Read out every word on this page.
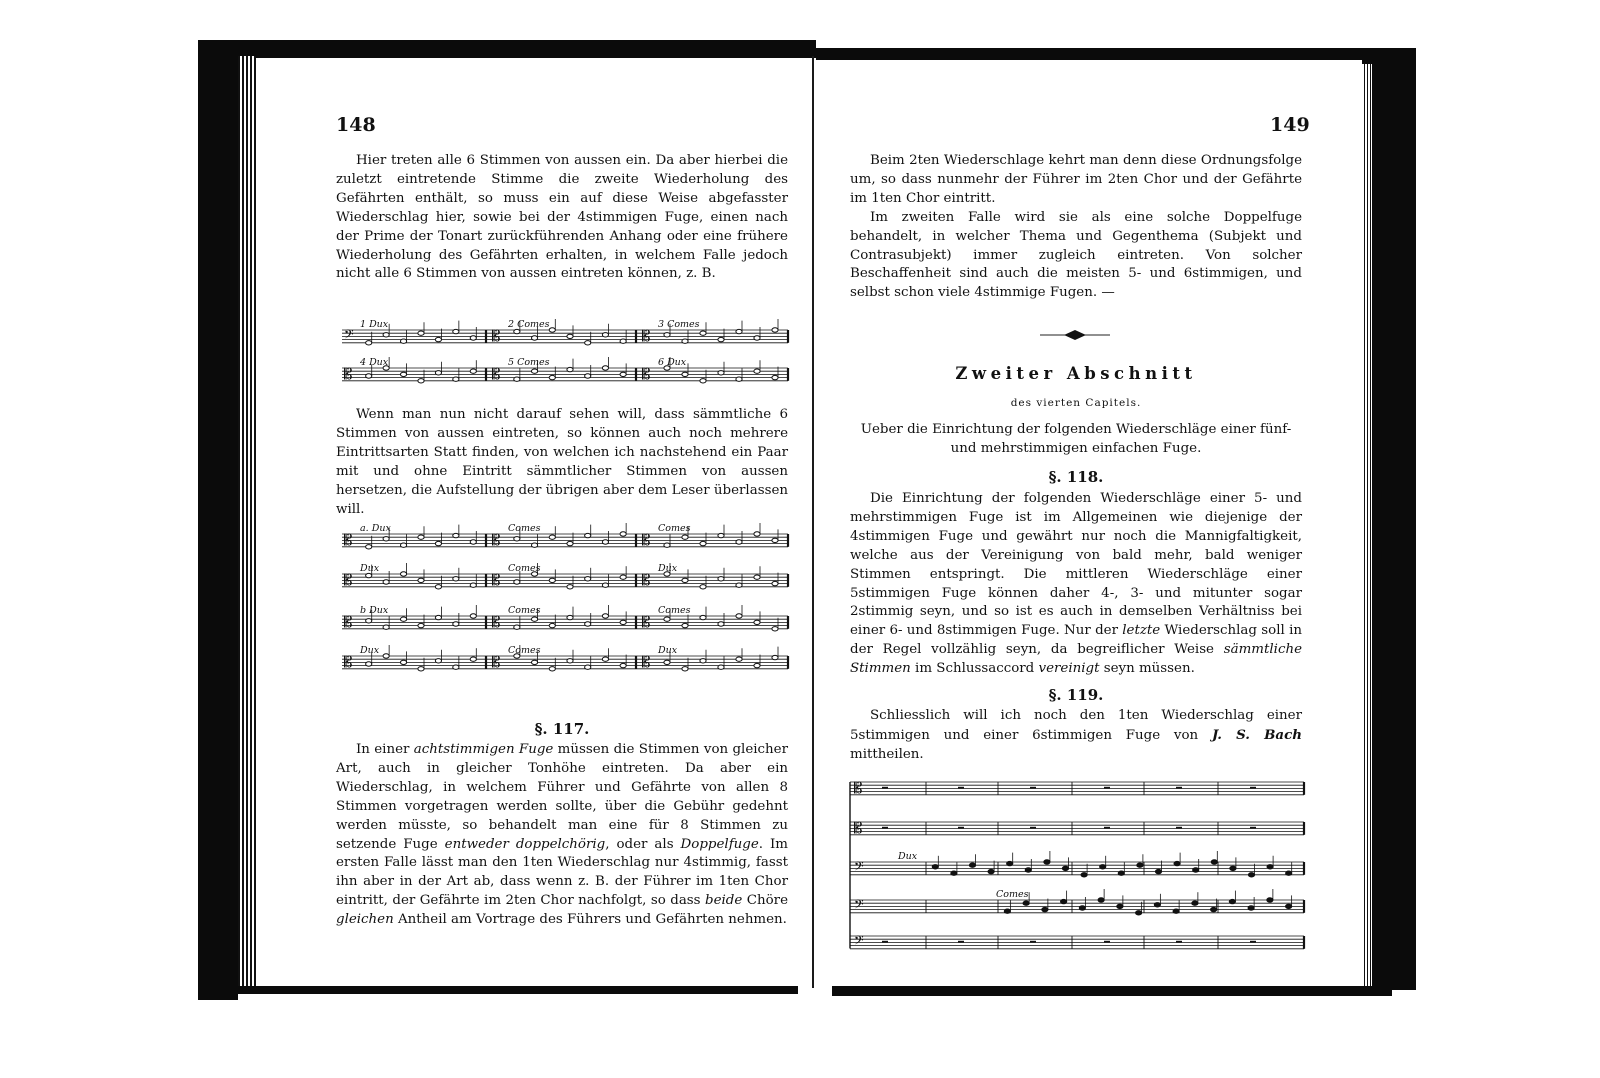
148
Hier treten alle 6 Stimmen von aussen ein. Da aber hierbei die zuletzt eintretende Stimme die zweite Wiederholung des Gefährten enthält, so muss ein auf diese Weise abgefasster Wiederschlag hier, sowie bei der 4stimmigen Fuge, einen nach der Prime der Tonart zurückführenden Anhang oder eine frühere Wiederholung des Gefährten erhalten, in welchem Falle jedoch nicht alle 6 Stimmen von aussen eintreten können, z. B.
𝄢	𝄡	𝄡
1 Dux	2 Comes	3 Comes
𝄡	𝄡	𝄡
4 Dux	5 Comes	6 Dux
Wenn man nun nicht darauf sehen will, dass sämmtliche 6 Stimmen von aussen eintreten, so können auch noch mehrere Eintrittsarten Statt finden, von welchen ich nachstehend ein Paar mit und ohne Eintritt sämmtlicher Stimmen von aussen hersetzen, die Aufstellung der übrigen aber dem Leser überlassen will.
𝄡	𝄡	𝄡
a. Dux	Comes	Comes
𝄡	𝄡	𝄡
Dux	Comes	Dux
𝄡	𝄡	𝄡
b Dux	Comes	Comes
𝄡	𝄡	𝄡
Dux	Comes	Dux
§. 117.
In einer achtstimmigen Fuge müssen die Stimmen von gleicher Art, auch in gleicher Tonhöhe eintreten. Da aber ein Wiederschlag, in welchem Führer und Gefährte von allen 8 Stimmen vorgetragen werden sollte, über die Gebühr gedehnt werden müsste, so behandelt man eine für 8 Stimmen zu setzende Fuge entweder doppelchörig, oder als Doppelfuge. Im ersten Falle lässt man den 1ten Wiederschlag nur 4stimmig, fasst ihn aber in der Art ab, dass wenn z. B. der Führer im 1ten Chor eintritt, der Gefährte im 2ten Chor nachfolgt, so dass beide Chöre gleichen Antheil am Vortrage des Führers und Gefährten nehmen.
149

Beim 2ten Wiederschlage kehrt man denn diese Ordnungsfolge um, so dass nunmehr der Führer im 2ten Chor und der Gefährte im 1ten Chor eintritt.

Im zweiten Falle wird sie als eine solche Doppelfuge behandelt, in welcher Thema und Gegenthema (Subjekt und Contrasubjekt) immer zugleich eintreten. Von solcher Beschaffenheit sind auch die meisten 5- und 6stimmigen, und selbst schon viele 4stimmige Fugen. —

Zweiter Abschnitt
des vierten Capitels.

Ueber die Einrichtung der folgenden Wiederschläge einer fünf-

und mehrstimmigen einfachen Fuge.

§. 118.
Die Einrichtung der folgenden Wiederschläge einer 5- und mehrstimmigen Fuge ist im Allgemeinen wie diejenige der 4stimmigen Fuge und gewährt nur noch die Mannigfaltigkeit, welche aus der Vereinigung von bald mehr, bald weniger Stimmen entspringt. Die mittleren Wiederschläge einer 5stimmigen Fuge können daher 4-, 3- und mitunter sogar 2stimmig seyn, und so ist es auch in demselben Verhältniss bei einer 6- und 8stimmigen Fuge. Nur der letzte Wiederschlag soll in der Regel vollzählig seyn, da begreiflicher Weise sämmtliche Stimmen im Schlussaccord vereinigt seyn müssen.
§. 119.
Schliesslich will ich noch den 1ten Wiederschlag einer 5stimmigen und einer 6stimmigen Fuge von J. S. Bach mittheilen.
𝄡
𝄡
𝄢
Dux
𝄢
Comes
𝄢
